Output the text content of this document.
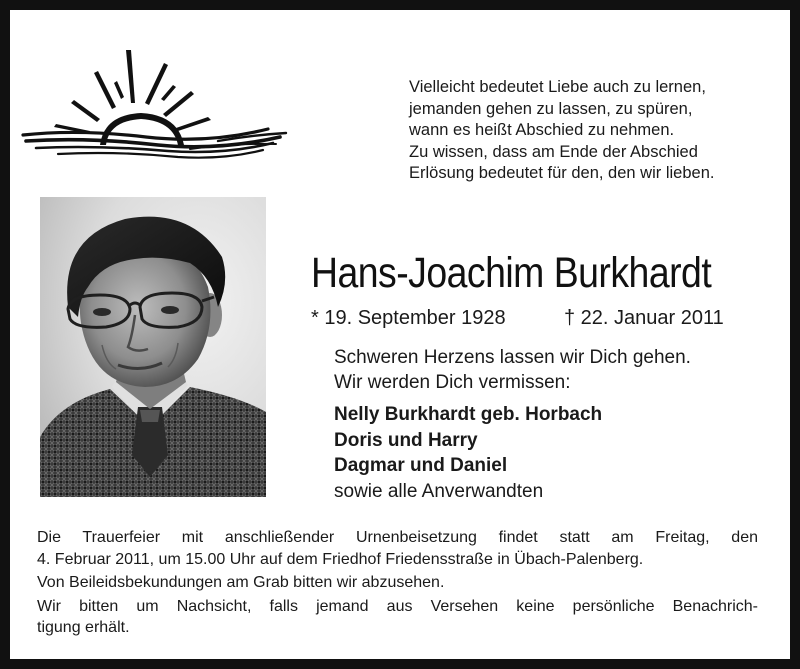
Vielleicht bedeutet Liebe auch zu lernen,
jemanden gehen zu lassen, zu spüren,
wann es heißt Abschied zu nehmen.
Zu wissen, dass am Ende der Abschied
Erlösung bedeutet für den, den wir lieben.
Hans-Joachim Burkhardt
* 19. September 1928	† 22. Januar 2011
Schweren Herzens lassen wir Dich gehen.
Wir werden Dich vermissen:
Nelly Burkhardt geb. Horbach
Doris und Harry
Dagmar und Daniel
sowie alle Anverwandten
Die Trauerfeier mit anschließender Urnenbeisetzung findet statt am Freitag, den
4. Februar 2011, um 15.00 Uhr auf dem Friedhof Friedensstraße in Übach-Palenberg.
Von Beileidsbekundungen am Grab bitten wir abzusehen.
Wir bitten um Nachsicht, falls jemand aus Versehen keine persönliche Benachrich-
tigung erhält.
